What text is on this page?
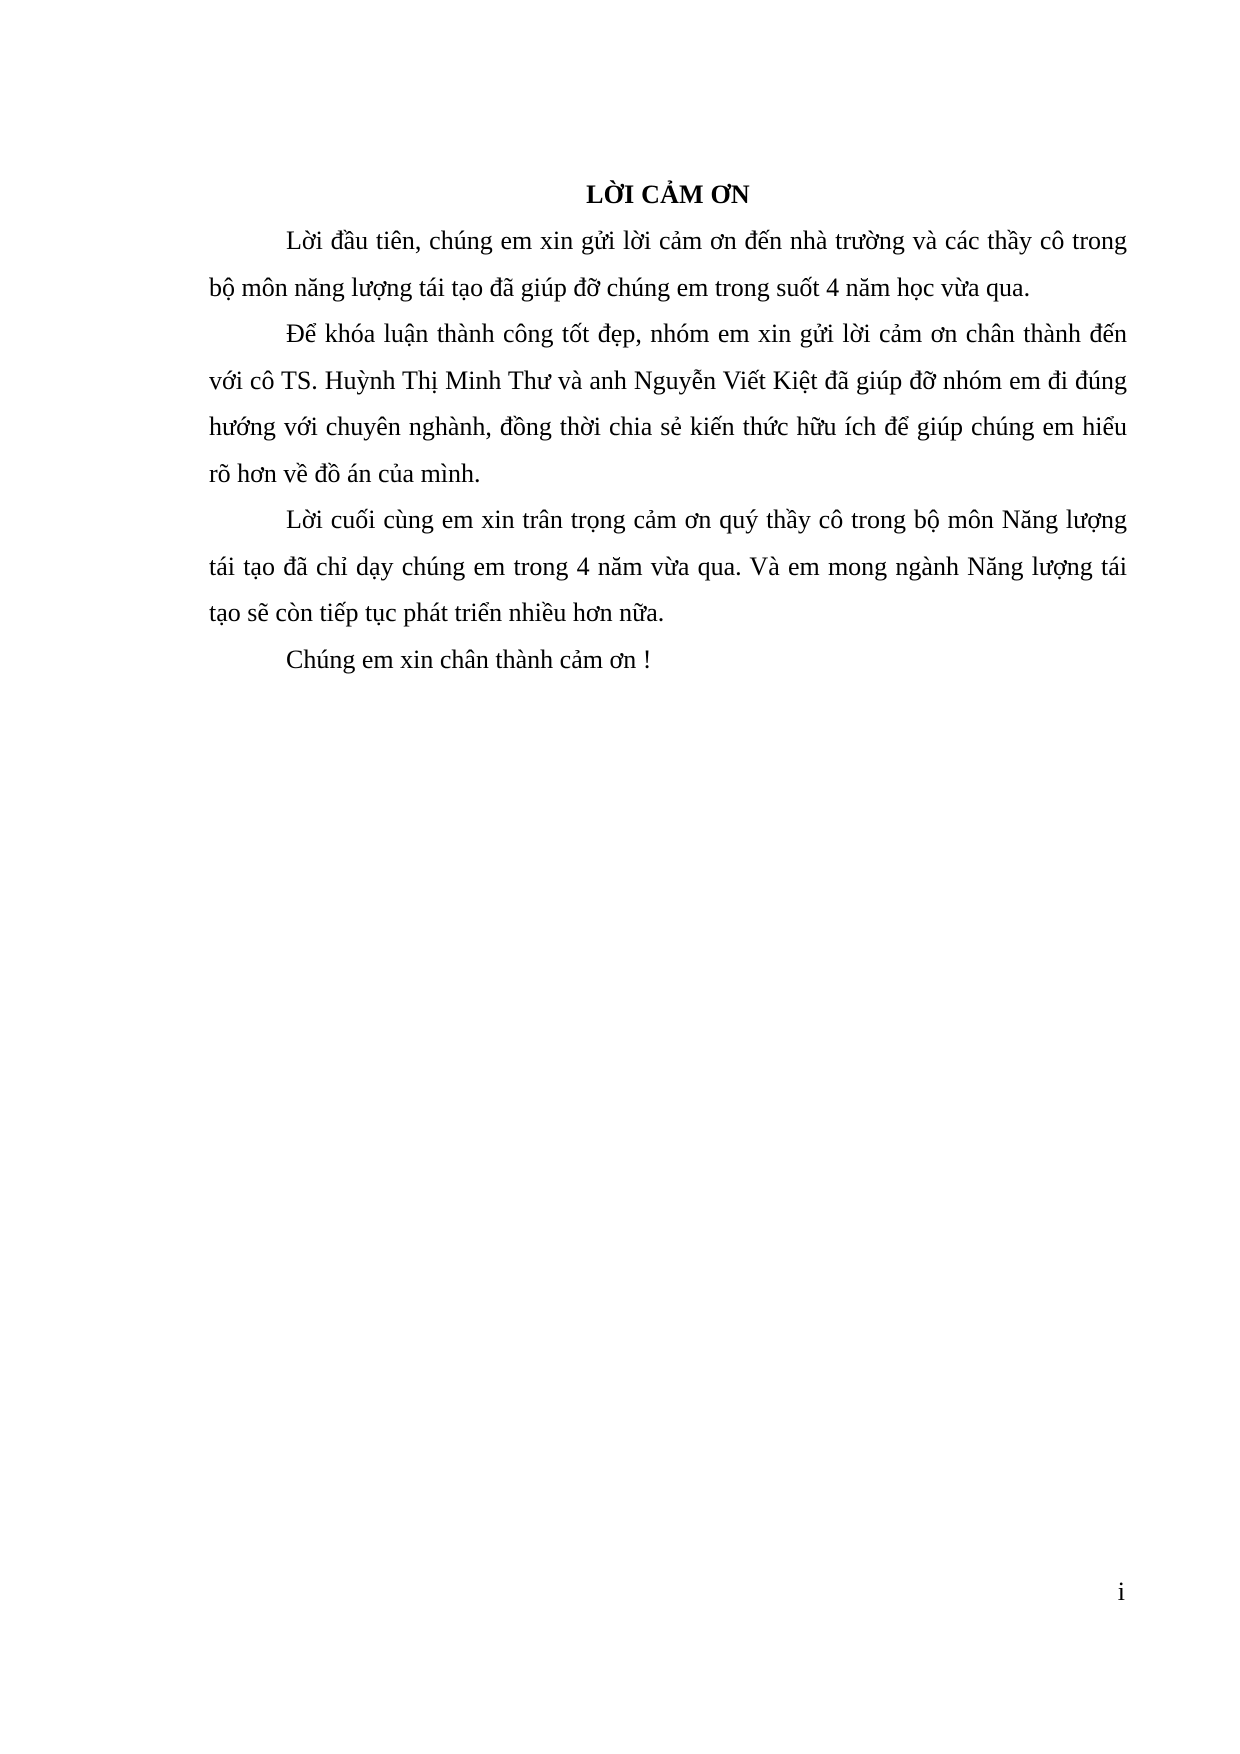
LỜI CẢM ƠN

Lời đầu tiên, chúng em xin gửi lời cảm ơn đến nhà trường và các thầy cô trong bộ môn năng lượng tái tạo đã giúp đỡ chúng em trong suốt 4 năm học vừa qua.

Để khóa luận thành công tốt đẹp, nhóm em xin gửi lời cảm ơn chân thành đến với cô TS. Huỳnh Thị Minh Thư và anh Nguyễn Viết Kiệt đã giúp đỡ nhóm em đi đúng hướng với chuyên nghành, đồng thời chia sẻ kiến thức hữu ích để giúp chúng em hiểu rõ hơn về đồ án của mình.

Lời cuối cùng em xin trân trọng cảm ơn quý thầy cô trong bộ môn Năng lượng tái tạo đã chỉ dạy chúng em trong 4 năm vừa qua. Và em mong ngành Năng lượng tái tạo sẽ còn tiếp tục phát triển nhiều hơn nữa.

Chúng em xin chân thành cảm ơn !

i
